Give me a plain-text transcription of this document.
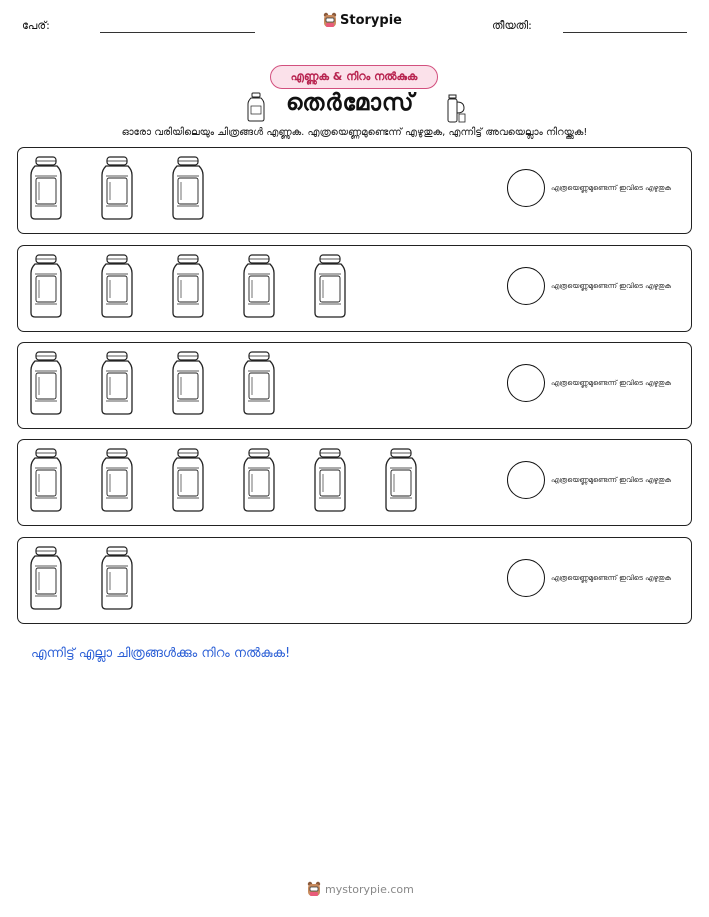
പേര്:	Storypie	തീയതി:
എണ്ണുക & നിറം നൽകുക
തെർമോസ്
ഓരോ വരിയിലെയും ചിത്രങ്ങൾ എണ്ണുക. എത്രയെണ്ണമുണ്ടെന്ന് എഴുതുക, എന്നിട്ട് അവയെല്ലാം നിറയ്ക്കുക!
എത്രയെണ്ണമുണ്ടെന്ന് ഇവിടെ എഴുതുക
എത്രയെണ്ണമുണ്ടെന്ന് ഇവിടെ എഴുതുക
എത്രയെണ്ണമുണ്ടെന്ന് ഇവിടെ എഴുതുക
എത്രയെണ്ണമുണ്ടെന്ന് ഇവിടെ എഴുതുക
എത്രയെണ്ണമുണ്ടെന്ന് ഇവിടെ എഴുതുക
എന്നിട്ട് എല്ലാ ചിത്രങ്ങൾക്കും നിറം നൽകുക!
mystorypie.com
